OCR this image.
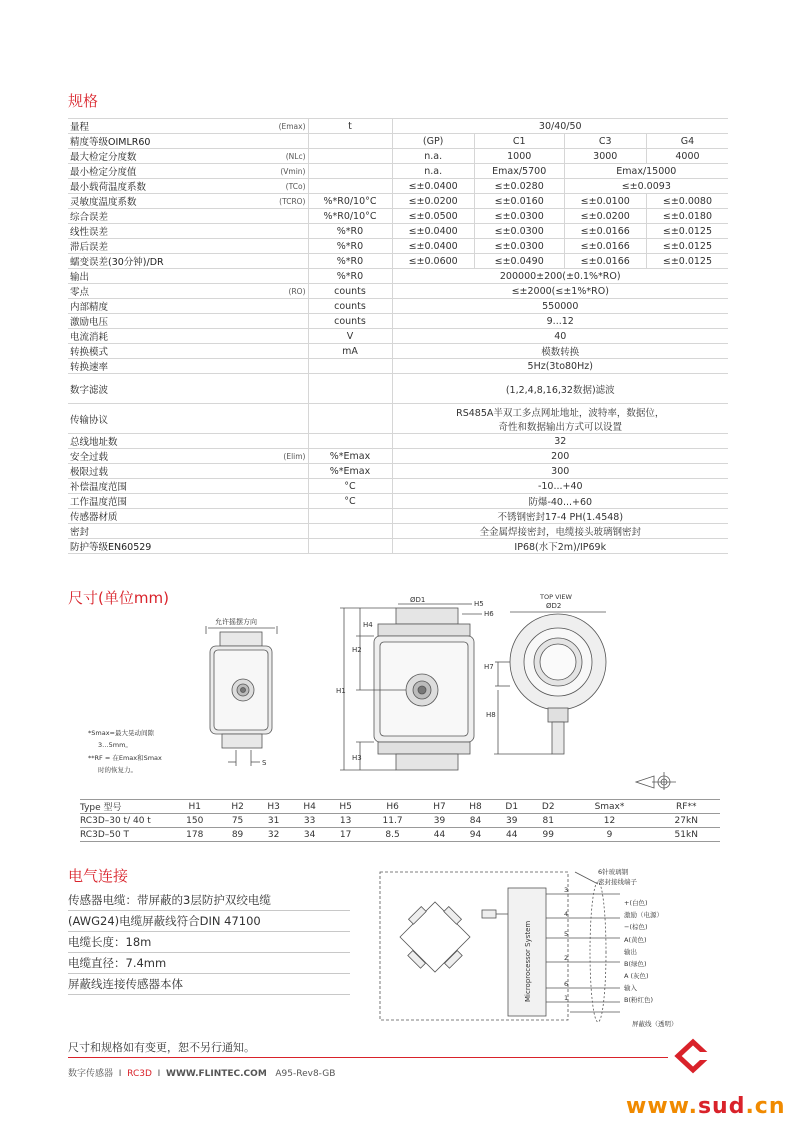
规格
量程	(Emax)	t	30/40/50			
精度等级OIMLR60			(GP)	C1	C3	G4
最大检定分度数	(NLc)		n.a.	1000	3000	4000
最小检定分度值	(Vmin)		n.a.	Emax/5700	Emax/15000	
最小载荷温度系数	(TCo)		≤±0.0400	≤±0.0280	≤±0.0093	
灵敏度温度系数	(TCRO)	%*R0/10°C	≤±0.0200	≤±0.0160	≤±0.0100	≤±0.0080
综合误差		%*R0/10°C	≤±0.0500	≤±0.0300	≤±0.0200	≤±0.0180
线性误差		%*R0	≤±0.0400	≤±0.0300	≤±0.0166	≤±0.0125
滞后误差		%*R0	≤±0.0400	≤±0.0300	≤±0.0166	≤±0.0125
蠕变误差(30分钟)/DR		%*R0	≤±0.0600	≤±0.0490	≤±0.0166	≤±0.0125
输出		%*R0	200000±200(±0.1%*RO)			
零点	(RO)	counts	≤±2000(≤±1%*RO)			
内部精度		counts	550000			
激励电压		counts	9...12			
电流消耗		V	40			
转换模式		mA	模数转换			
转换速率			5Hz(3to80Hz)			
数字滤波			(1,2,4,8,16,32数据)滤波			
传输协议			RS485A半双工多点网址地址，波特率，数据位，
奇性和数据输出方式可以设置			
总线地址数			32			
安全过载	(Elim)	%*Emax	200			
极限过载		%*Emax	300			
补偿温度范围		°C	-10...+40			
工作温度范围		°C	防爆-40...+60			
传感器材质			不锈钢密封17-4 PH(1.4548)			
密封			全金属焊接密封，电缆接头玻璃钢密封			
防护等级EN60529			IP68(水下2m)/IP69k			
尺寸(单位mm)
允许摇摆方向
S
ØD1	H5
H6
H4
H2
H1
H3
TOP VIEW
ØD2
H7
H8
*Smax=最大晃动间隙
3…5mm。
**RF = 在Emax和Smax
时的恢复力。
Type 型号	H1	H2	H3	H4	H5	H6	H7	H8	D1	D2	Smax*	RF**
RC3D–30 t/ 40 t	150	75	31	33	13	11.7	39	84	39	81	12	27kN
RC3D–50 T	178	89	32	34	17	8.5	44	94	44	99	9	51kN
电气连接
传感器电缆：带屏蔽的3层防护双绞电缆
(AWG24)电缆屏蔽线符合DIN 47100
电缆长度：18m
电缆直径：7.4mm
屏蔽线连接传感器本体	Microprocessor System
6针玻璃钢
密封接线端子
3
4
5
2
6
1
+(白色)
激励（电源）
−(棕色)
A(黄色)
输出
B(绿色)
A (灰色)
输入
B(粉红色)
屏蔽线（透明）
尺寸和规格如有变更，恕不另行通知。
数字传感器 I RC3D I WWW.FLINTEC.COM A95-Rev8-GB
www.sud.cn
